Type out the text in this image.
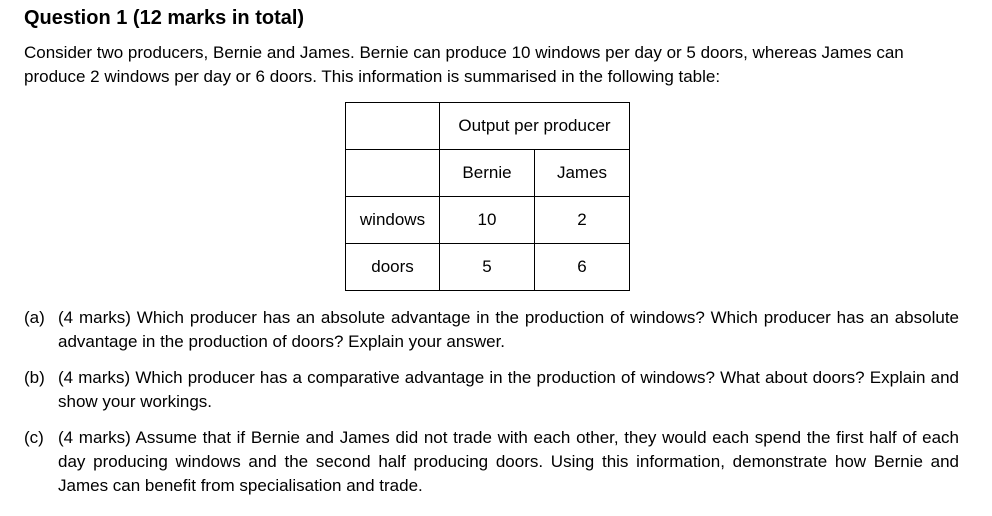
Question 1 (12 marks in total)

Consider two producers, Bernie and James. Bernie can produce 10 windows per day or 5 doors, whereas James can produce 2 windows per day or 6 doors. This information is summarised in the following table:

	Output per producer	
	Bernie	James
windows	10	2
doors	5	6
(a) (4 marks) Which producer has an absolute advantage in the production of windows? Which producer has an absolute advantage in the production of doors? Explain your answer.
(b) (4 marks) Which producer has a comparative advantage in the production of windows? What about doors? Explain and show your workings.
(c) (4 marks) Assume that if Bernie and James did not trade with each other, they would each spend the first half of each day producing windows and the second half producing doors. Using this information, demonstrate how Bernie and James can benefit from specialisation and trade.
